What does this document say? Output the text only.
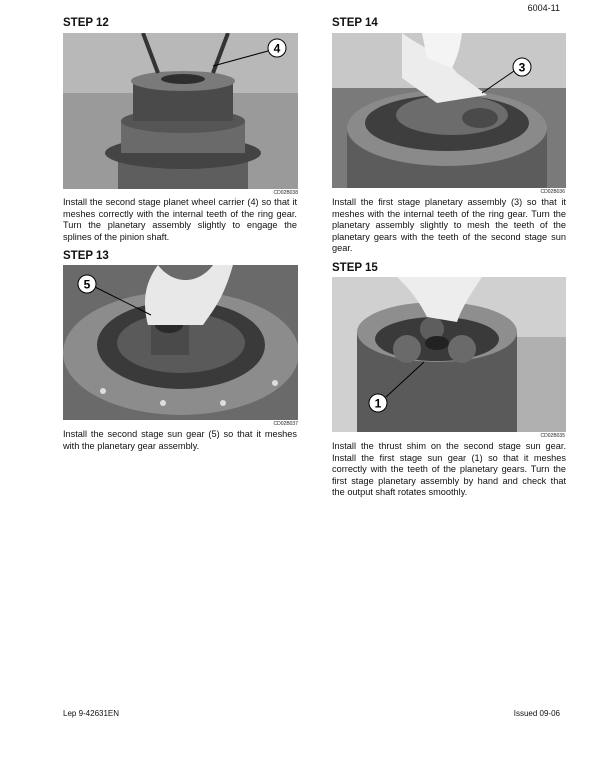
6004-11
STEP 12
4
CD02B038

Install the second stage planet wheel carrier (4) so that it meshes correctly with the internal teeth of the ring gear. Turn the planetary assembly slightly to engage the splines of the pinion shaft.

STEP 13
5
CD02B037

Install the second stage sun gear (5) so that it meshes with the planetary gear assembly.

STEP 14
3
CD02B036

Install the first stage planetary assembly (3) so that it meshes with the internal teeth of the ring gear. Turn the planetary assembly slightly to mesh the teeth of the planetary gears with the teeth of the second stage sun gear.

STEP 15
1
CD02B035

Install the thrust shim on the second stage sun gear. Install the first stage sun gear (1) so that it meshes correctly with the teeth of the planetary gears. Turn the first stage planetary assembly by hand and check that the output shaft rotates smoothly.

Lep 9-42631EN	Issued 09-06
